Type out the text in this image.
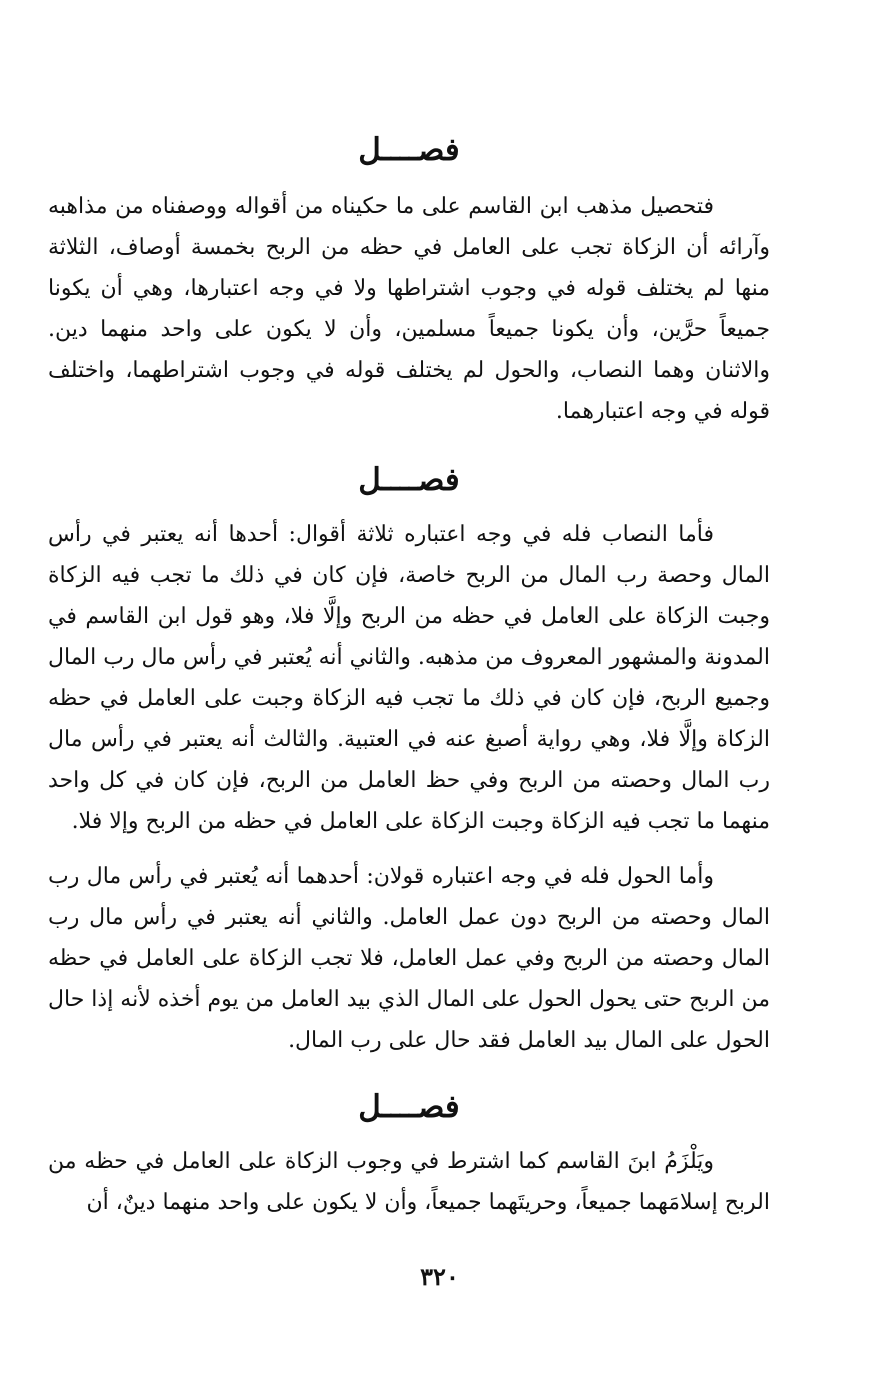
فصــــل

فتحصيل مذهب ابن القاسم على ما حكيناه من أقواله ووصفناه من مذاهبه وآرائه أن الزكاة تجب على العامل في حظه من الربح بخمسة أوصاف، الثلاثة منها لم يختلف قوله في وجوب اشتراطها ولا في وجه اعتبارها، وهي أن يكونا جميعاً حرَّين، وأن يكونا جميعاً مسلمين، وأن لا يكون على واحد منهما دين. والاثنان وهما النصاب، والحول لم يختلف قوله في وجوب اشتراطهما، واختلف قوله في وجه اعتبارهما.

فصــــل

فأما النصاب فله في وجه اعتباره ثلاثة أقوال: أحدها أنه يعتبر في رأس المال وحصة رب المال من الربح خاصة، فإن كان في ذلك ما تجب فيه الزكاة وجبت الزكاة على العامل في حظه من الربح وإلَّا فلا، وهو قول ابن القاسم في المدونة والمشهور المعروف من مذهبه. والثاني أنه يُعتبر في رأس مال رب المال وجميع الربح، فإن كان في ذلك ما تجب فيه الزكاة وجبت على العامل في حظه الزكاة وإلَّا فلا، وهي رواية أصبغ عنه في العتبية. والثالث أنه يعتبر في رأس مال رب المال وحصته من الربح وفي حظ العامل من الربح، فإن كان في كل واحد منهما ما تجب فيه الزكاة وجبت الزكاة على العامل في حظه من الربح وإلا فلا.

وأما الحول فله في وجه اعتباره قولان: أحدهما أنه يُعتبر في رأس مال رب المال وحصته من الربح دون عمل العامل. والثاني أنه يعتبر في رأس مال رب المال وحصته من الربح وفي عمل العامل، فلا تجب الزكاة على العامل في حظه من الربح حتى يحول الحول على المال الذي بيد العامل من يوم أخذه لأنه إذا حال الحول على المال بيد العامل فقد حال على رب المال.

فصــــل

ويَلْزَمُ ابنَ القاسم كما اشترط في وجوب الزكاة على العامل في حظه من الربح إسلامَهما جميعاً، وحريتَهما جميعاً، وأن لا يكون على واحد منهما دينٌ، أن

٣٢٠
